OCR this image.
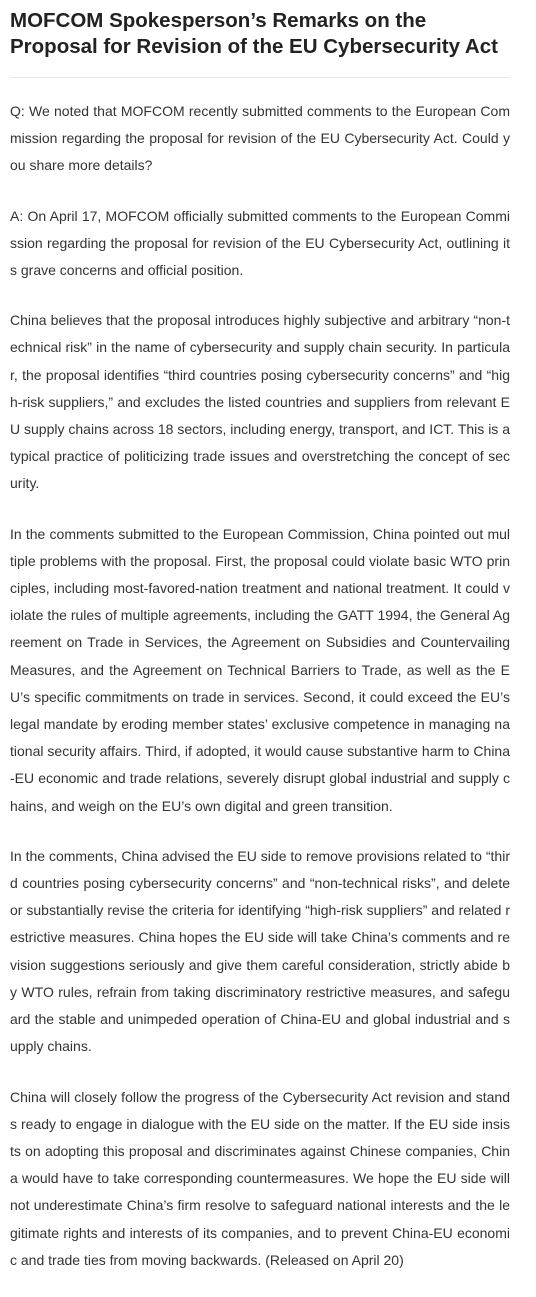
MOFCOM Spokesperson’s Remarks on the Proposal for Revision of the EU Cybersecurity Act

Q: We noted that MOFCOM recently submitted comments to the European Commission regarding the proposal for revision of the EU Cybersecurity Act. Could you share more details?

A: On April 17, MOFCOM officially submitted comments to the European Commission regarding the proposal for revision of the EU Cybersecurity Act, outlining its grave concerns and official position.

China believes that the proposal introduces highly subjective and arbitrary “non-technical risk” in the name of cybersecurity and supply chain security. In particular, the proposal identifies “third countries posing cybersecurity concerns” and “high-risk suppliers,” and excludes the listed countries and suppliers from relevant EU supply chains across 18 sectors, including energy, transport, and ICT. This is a typical practice of politicizing trade issues and overstretching the concept of security.

In the comments submitted to the European Commission, China pointed out multiple problems with the proposal. First, the proposal could violate basic WTO principles, including most-favored-nation treatment and national treatment. It could violate the rules of multiple agreements, including the GATT 1994, the General Agreement on Trade in Services, the Agreement on Subsidies and Countervailing Measures, and the Agreement on Technical Barriers to Trade, as well as the EU’s specific commitments on trade in services. Second, it could exceed the EU’s legal mandate by eroding member states’ exclusive competence in managing national security affairs. Third, if adopted, it would cause substantive harm to China-EU economic and trade relations, severely disrupt global industrial and supply chains, and weigh on the EU’s own digital and green transition.

In the comments, China advised the EU side to remove provisions related to “third countries posing cybersecurity concerns” and “non-technical risks”, and delete or substantially revise the criteria for identifying “high-risk suppliers” and related restrictive measures. China hopes the EU side will take China’s comments and revision suggestions seriously and give them careful consideration, strictly abide by WTO rules, refrain from taking discriminatory restrictive measures, and safeguard the stable and unimpeded operation of China-EU and global industrial and supply chains.

China will closely follow the progress of the Cybersecurity Act revision and stands ready to engage in dialogue with the EU side on the matter. If the EU side insists on adopting this proposal and discriminates against Chinese companies, China would have to take corresponding countermeasures. We hope the EU side will not underestimate China’s firm resolve to safeguard national interests and the legitimate rights and interests of its companies, and to prevent China-EU economic and trade ties from moving backwards. (Released on April 20)
